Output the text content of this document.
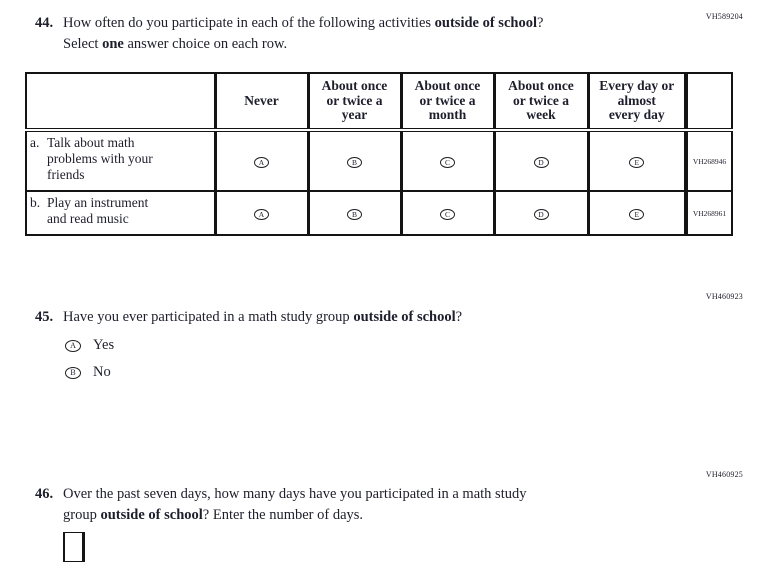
VH589204
44. How often do you participate in each of the following activities outside of school?
Select one answer choice on each row.

	Never	About once
or twice a
year	About once
or twice a
month	About once
or twice a
week	Every day or
almost
every day	

a. Talk about math
problems with your
friends	A	B	C	D	E	VH268946

b. Play an instrument
and read music	A	B	C	D	E	VH268961
VH460923
45. Have you ever participated in a math study group outside of school?
A	Yes
B	No
VH460925
46. Over the past seven days, how many days have you participated in a math study
group outside of school? Enter the number of days.
